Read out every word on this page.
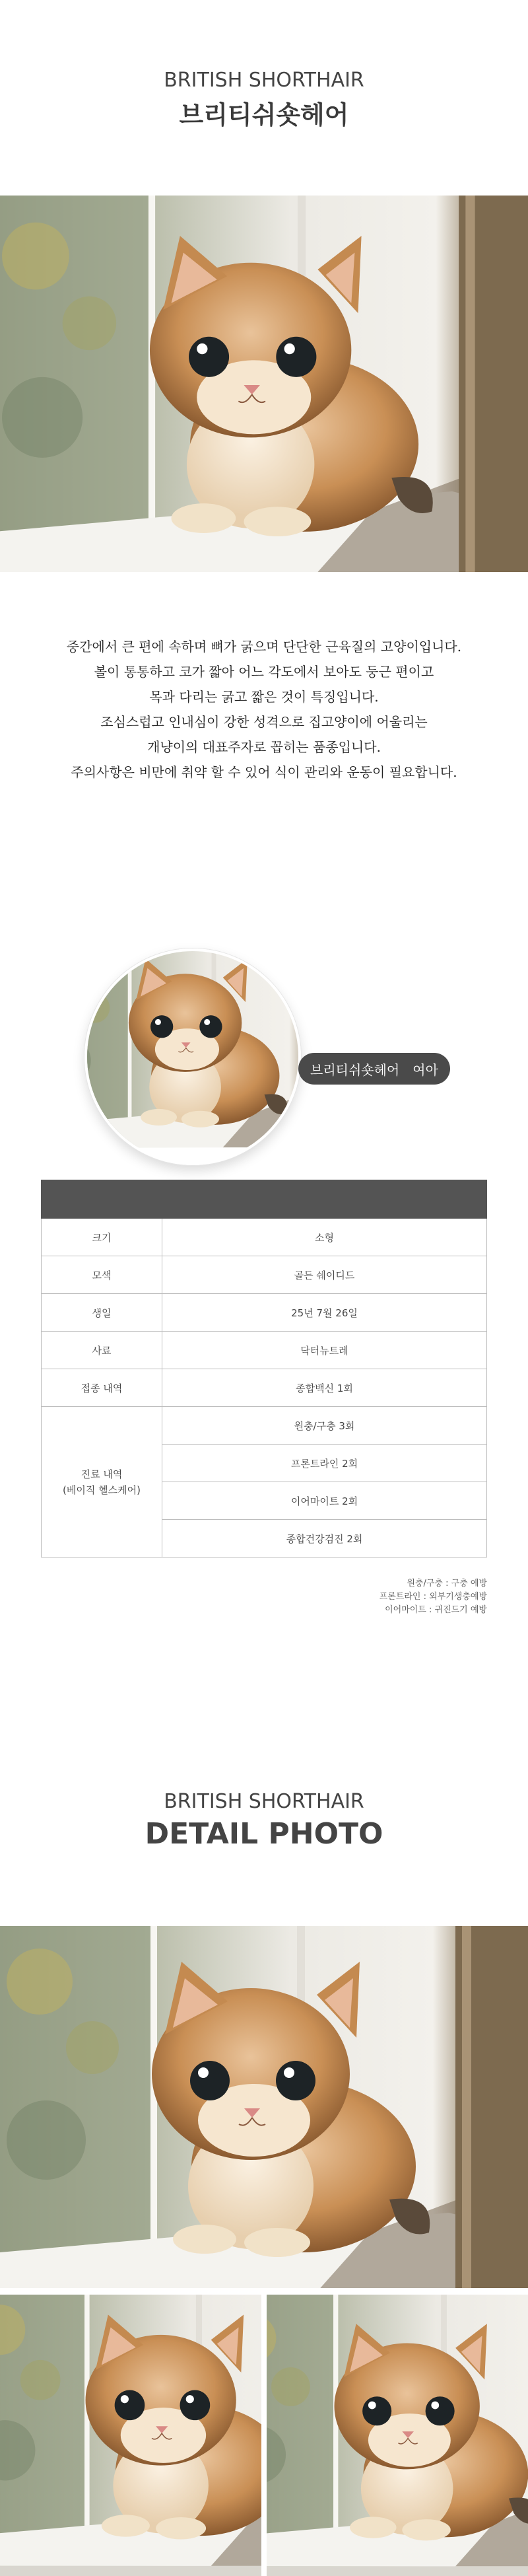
BRITISH SHORTHAIR
브리티쉬숏헤어
중간에서 큰 편에 속하며 뼈가 굵으며 단단한 근육질의 고양이입니다.
볼이 통통하고 코가 짧아 어느 각도에서 보아도 둥근 편이고
목과 다리는 굵고 짧은 것이 특징입니다.
조심스럽고 인내심이 강한 성격으로 집고양이에 어울리는
개냥이의 대표주자로 꼽히는 품종입니다.
주의사항은 비만에 취약 할 수 있어 식이 관리와 운동이 필요합니다.
브리티쉬숏헤어 여아

크기	소형
모색	골든 쉐이디드
생일	25년 7월 26일
사료	닥터뉴트레
접종 내역	종합백신 1회

진료 내역
(베이직 헬스케어)	원충/구충 3회
	프론트라인 2회
	이어마이트 2회
	종합건강검진 2회
원충/구충 : 구충 예방
프론트라인 : 외부기생충예방
이어마이트 : 귀진드기 예방
BRITISH SHORTHAIR
DETAIL PHOTO
